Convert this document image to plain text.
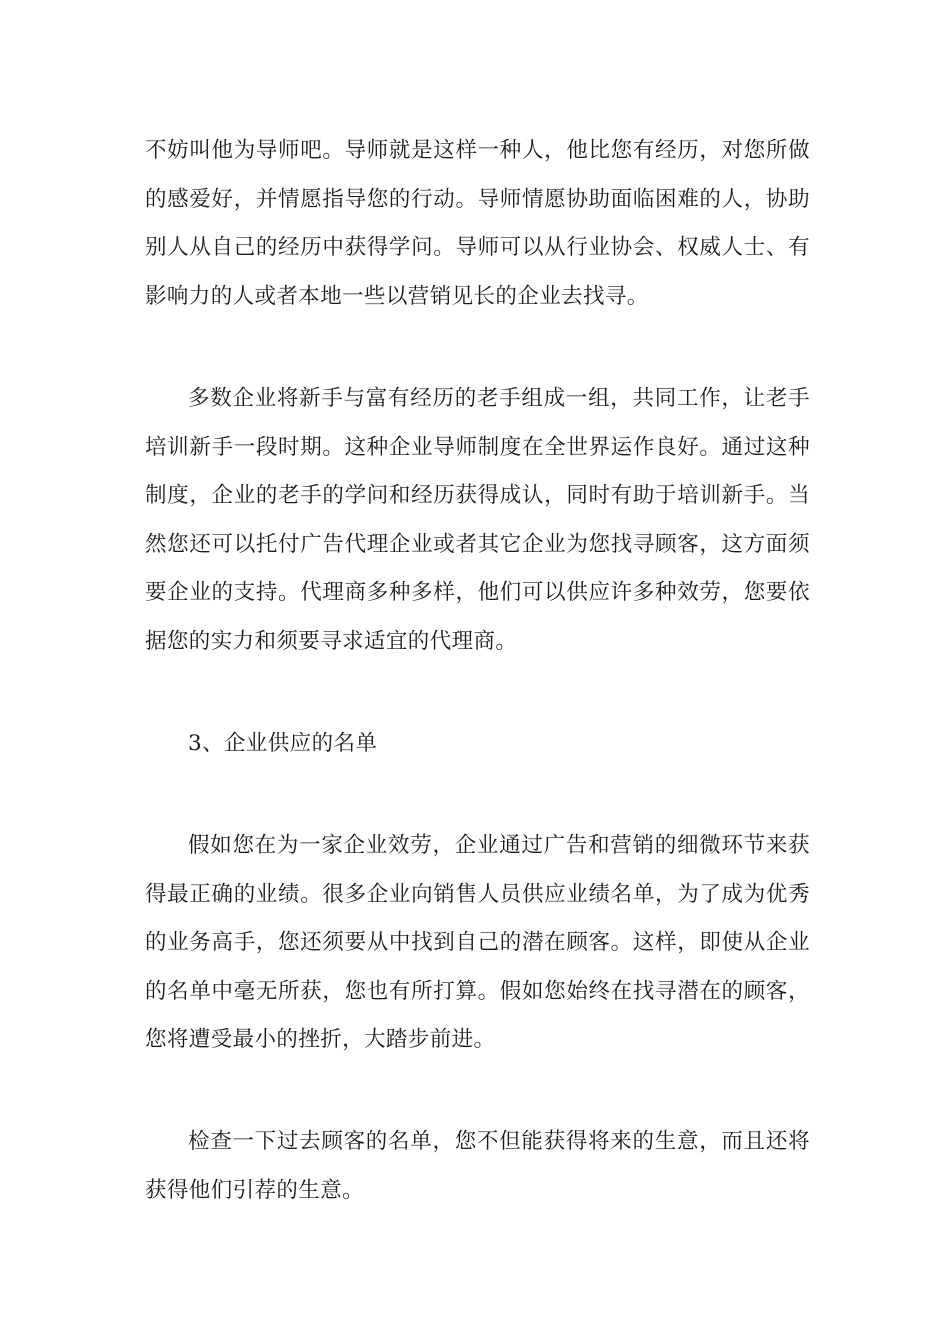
不妨叫他为导师吧。导师就是这样一种人，他比您有经历，对您所做的感爱好，并情愿指导您的行动。导师情愿协助面临困难的人，协助别人从自己的经历中获得学问。导师可以从行业协会、权威人士、有影响力的人或者本地一些以营销见长的企业去找寻。

多数企业将新手与富有经历的老手组成一组，共同工作，让老手培训新手一段时期。这种企业导师制度在全世界运作良好。通过这种制度，企业的老手的学问和经历获得成认，同时有助于培训新手。当然您还可以托付广告代理企业或者其它企业为您找寻顾客，这方面须要企业的支持。代理商多种多样，他们可以供应许多种效劳，您要依据您的实力和须要寻求适宜的代理商。

3、企业供应的名单

假如您在为一家企业效劳，企业通过广告和营销的细微环节来获得最正确的业绩。很多企业向销售人员供应业绩名单，为了成为优秀的业务高手，您还须要从中找到自己的潜在顾客。这样，即使从企业的名单中毫无所获，您也有所打算。假如您始终在找寻潜在的顾客，您将遭受最小的挫折，大踏步前进。

检查一下过去顾客的名单，您不但能获得将来的生意，而且还将获得他们引荐的生意。
